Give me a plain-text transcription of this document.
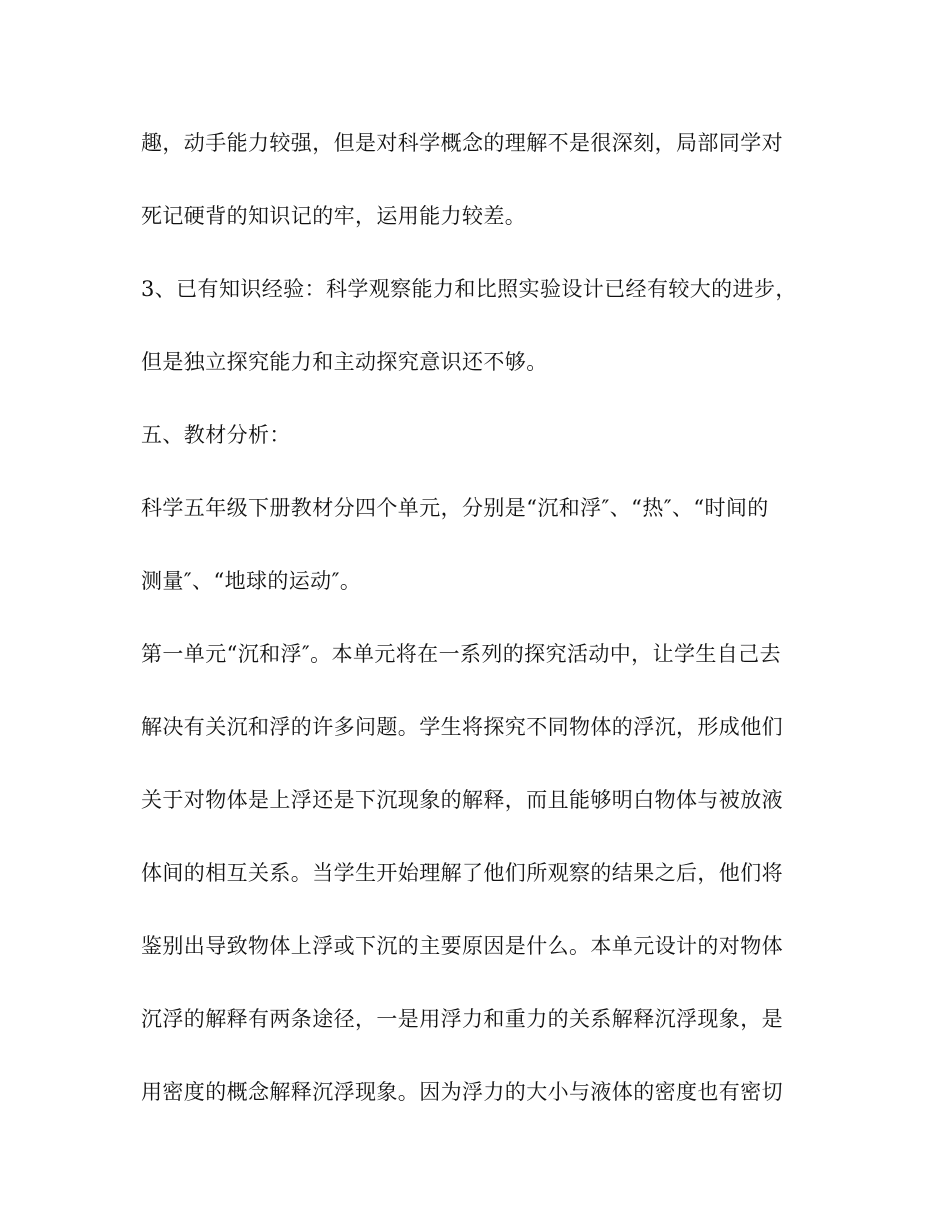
趣，动手能力较强，但是对科学概念的理解不是很深刻，局部同学对
死记硬背的知识记的牢，运用能力较差。
3、已有知识经验：科学观察能力和比照实验设计已经有较大的进步，
但是独立探究能力和主动探究意识还不够。
五、教材分析：
科学五年级下册教材分四个单元，分别是“沉和浮″、“热″、“时间的
测量″、“地球的运动″。
第一单元“沉和浮″。本单元将在一系列的探究活动中，让学生自己去
解决有关沉和浮的许多问题。学生将探究不同物体的浮沉，形成他们
关于对物体是上浮还是下沉现象的解释，而且能够明白物体与被放液
体间的相互关系。当学生开始理解了他们所观察的结果之后，他们将
鉴别出导致物体上浮或下沉的主要原因是什么。本单元设计的对物体
沉浮的解释有两条途径，一是用浮力和重力的关系解释沉浮现象，是
用密度的概念解释沉浮现象。因为浮力的大小与液体的密度也有密切
